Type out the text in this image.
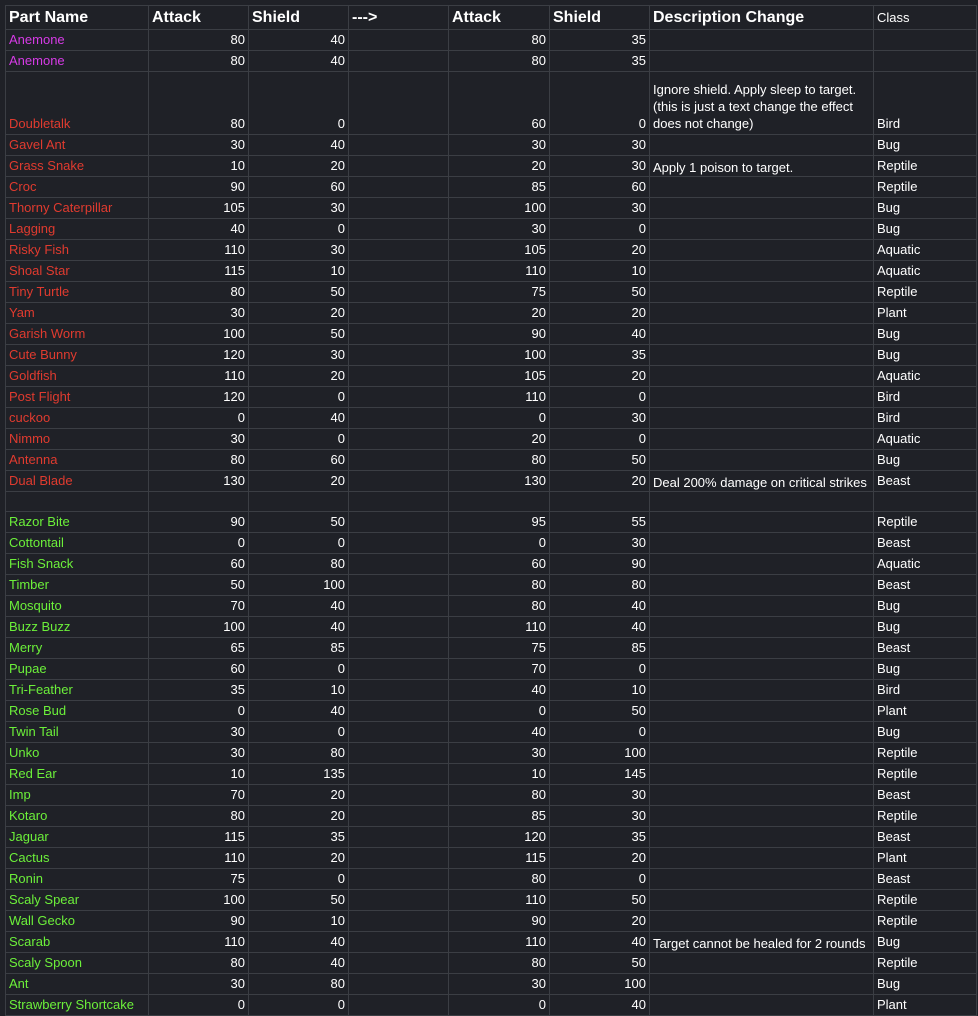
Part Name	Attack	Shield	--->	Attack	Shield	Description Change	Class
Anemone	80	40		80	35		
Anemone	80	40		80	35		
Doubletalk	80	0		60	0	Ignore shield. Apply sleep to target. (this is just a text change the effect does not change)	Bird
Gavel Ant	30	40		30	30		Bug
Grass Snake	10	20		20	30	Apply 1 poison to target.	Reptile
Croc	90	60		85	60		Reptile
Thorny Caterpillar	105	30		100	30		Bug
Lagging	40	0		30	0		Bug
Risky Fish	110	30		105	20		Aquatic
Shoal Star	115	10		110	10		Aquatic
Tiny Turtle	80	50		75	50		Reptile
Yam	30	20		20	20		Plant
Garish Worm	100	50		90	40		Bug
Cute Bunny	120	30		100	35		Bug
Goldfish	110	20		105	20		Aquatic
Post Flight	120	0		110	0		Bird
cuckoo	0	40		0	30		Bird
Nimmo	30	0		20	0		Aquatic
Antenna	80	60		80	50		Bug
Dual Blade	130	20		130	20	Deal 200% damage on critical strikes	Beast

Razor Bite	90	50		95	55		Reptile
Cottontail	0	0		0	30		Beast
Fish Snack	60	80		60	90		Aquatic
Timber	50	100		80	80		Beast
Mosquito	70	40		80	40		Bug
Buzz Buzz	100	40		110	40		Bug
Merry	65	85		75	85		Beast
Pupae	60	0		70	0		Bug
Tri-Feather	35	10		40	10		Bird
Rose Bud	0	40		0	50		Plant
Twin Tail	30	0		40	0		Bug
Unko	30	80		30	100		Reptile
Red Ear	10	135		10	145		Reptile
Imp	70	20		80	30		Beast
Kotaro	80	20		85	30		Reptile
Jaguar	115	35		120	35		Beast
Cactus	110	20		115	20		Plant
Ronin	75	0		80	0		Beast
Scaly Spear	100	50		110	50		Reptile
Wall Gecko	90	10		90	20		Reptile
Scarab	110	40		110	40	Target cannot be healed for 2 rounds	Bug
Scaly Spoon	80	40		80	50		Reptile
Ant	30	80		30	100		Bug
Strawberry Shortcake	0	0		0	40		Plant
